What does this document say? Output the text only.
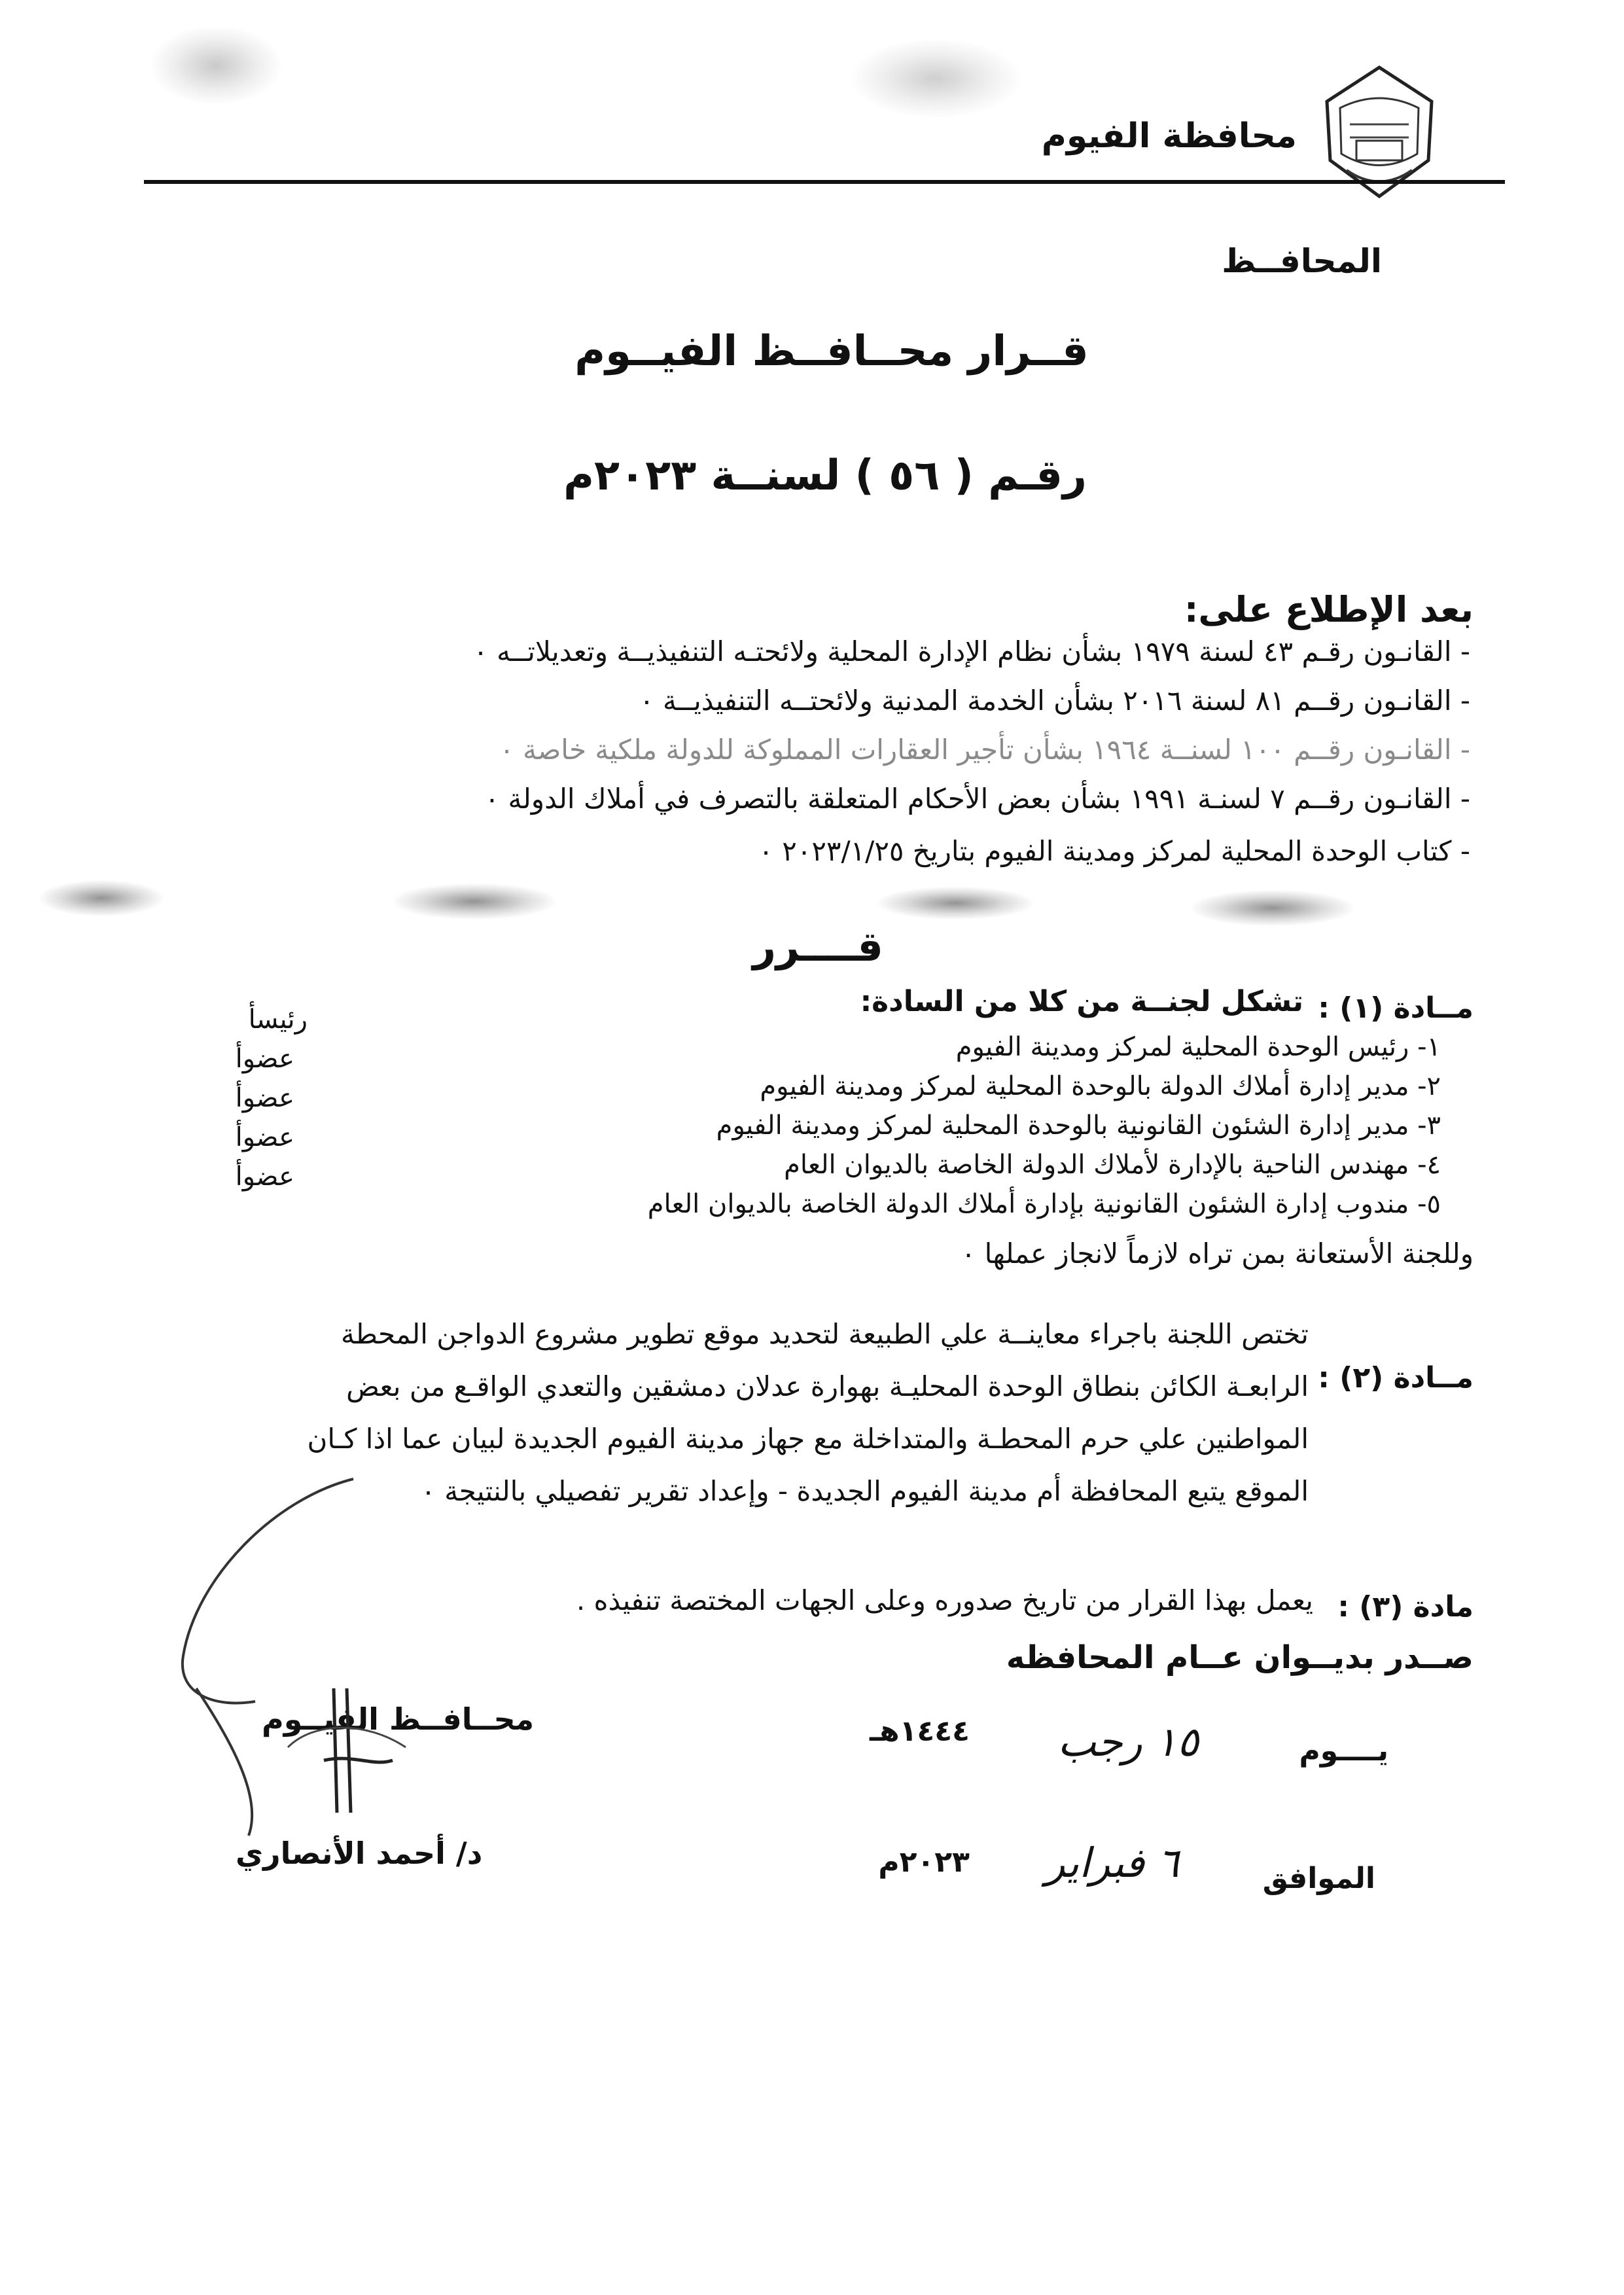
محافظة الفيوم
المحافــظ
قــرار محــافــظ الفيــوم
رقـم ( ٥٦ ) لسنــة ٢٠٢٣م
بعد الإطلاع على:
- القانـون رقـم ٤٣ لسنة ١٩٧٩ بشأن نظام الإدارة المحلية ولائحتـه التنفيذيــة وتعديلاتــه ٠
- القانـون رقــم ٨١ لسنة ٢٠١٦ بشأن الخدمة المدنية ولائحتــه التنفيذيــة ٠
- القانـون رقــم ١٠٠ لسنــة ١٩٦٤ بشأن تأجير العقارات المملوكة للدولة ملكية خاصة ٠
- القانـون رقــم ٧ لسنـة ١٩٩١ بشأن بعض الأحكام المتعلقة بالتصرف في أملاك الدولة ٠
- كتاب الوحدة المحلية لمركز ومدينة الفيوم بتاريخ ٢٠٢٣/١/٢٥ ٠
قــــرر
مــادة (١) :
تشكل لجنــة من كلا من السادة:
١- رئيس الوحدة المحلية لمركز ومدينة الفيوم
٢- مدير إدارة أملاك الدولة بالوحدة المحلية لمركز ومدينة الفيوم
٣- مدير إدارة الشئون القانونية بالوحدة المحلية لمركز ومدينة الفيوم
٤- مهندس الناحية بالإدارة لأملاك الدولة الخاصة بالديوان العام
٥- مندوب إدارة الشئون القانونية بإدارة أملاك الدولة الخاصة بالديوان العام
رئيسأ
عضوأ
عضوأ
عضوأ
عضوأ
وللجنة الأستعانة بمن تراه لازماً لانجاز عملها ٠
مــادة (٢) :
تختص اللجنة باجراء معاينــة علي الطبيعة لتحديد موقع تطوير مشروع الدواجن المحطة
الرابعـة الكائن بنطاق الوحدة المحليـة بهوارة عدلان دمشقين والتعدي الواقـع من بعض
المواطنين علي حرم المحطـة والمتداخلة مع جهاز مدينة الفيوم الجديدة لبيان عما اذا كـان
الموقع يتبع المحافظة أم مدينة الفيوم الجديدة - وإعداد تقرير تفصيلي بالنتيجة ٠
مادة (٣) :
يعمل بهذا القرار من تاريخ صدوره وعلى الجهات المختصة تنفيذه .
صــدر بديــوان عــام المحافظه
يــــوم
١٥ رجب
١٤٤٤هـ
الموافق
٦ فبراير
٢٠٢٣م
محــافــظ الفيــوم
د/ أحمد الأنصاري
